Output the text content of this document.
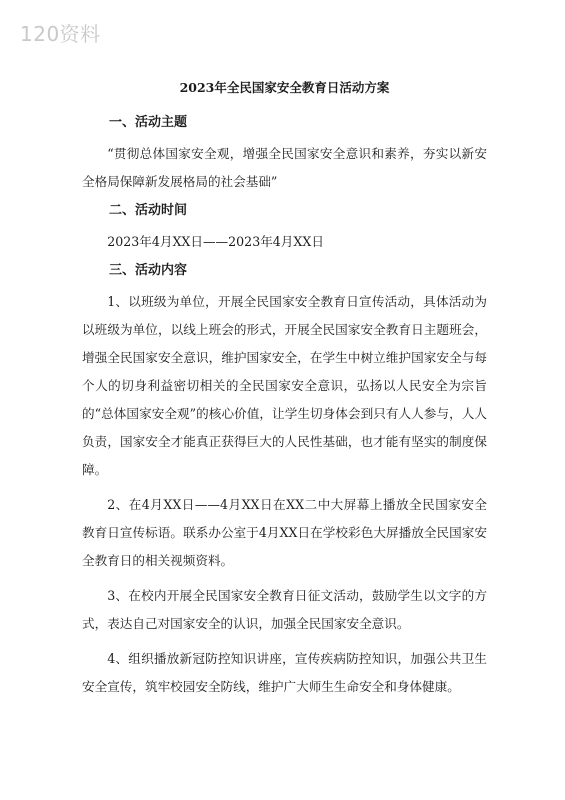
120资料
2023年全民国家安全教育日活动方案
一、活动主题

“贯彻总体国家安全观，增强全民国家安全意识和素养，夯实以新安全格局保障新发展格局的社会基础”

二、活动时间

2023年4月XX日——2023年4月XX日

三、活动内容

1、以班级为单位，开展全民国家安全教育日宣传活动，具体活动为以班级为单位，以线上班会的形式，开展全民国家安全教育日主题班会，增强全民国家安全意识，维护国家安全，在学生中树立维护国家安全与每个人的切身利益密切相关的全民国家安全意识，弘扬以人民安全为宗旨的“总体国家安全观”的核心价值，让学生切身体会到只有人人参与，人人负责，国家安全才能真正获得巨大的人民性基础，也才能有坚实的制度保障。

2、在4月XX日——4月XX日在XX二中大屏幕上播放全民国家安全教育日宣传标语。联系办公室于4月XX日在学校彩色大屏播放全民国家安全教育日的相关视频资料。

3、在校内开展全民国家安全教育日征文活动，鼓励学生以文字的方式，表达自己对国家安全的认识，加强全民国家安全意识。

4、组织播放新冠防控知识讲座，宣传疾病防控知识，加强公共卫生安全宣传，筑牢校园安全防线，维护广大师生生命安全和身体健康。
